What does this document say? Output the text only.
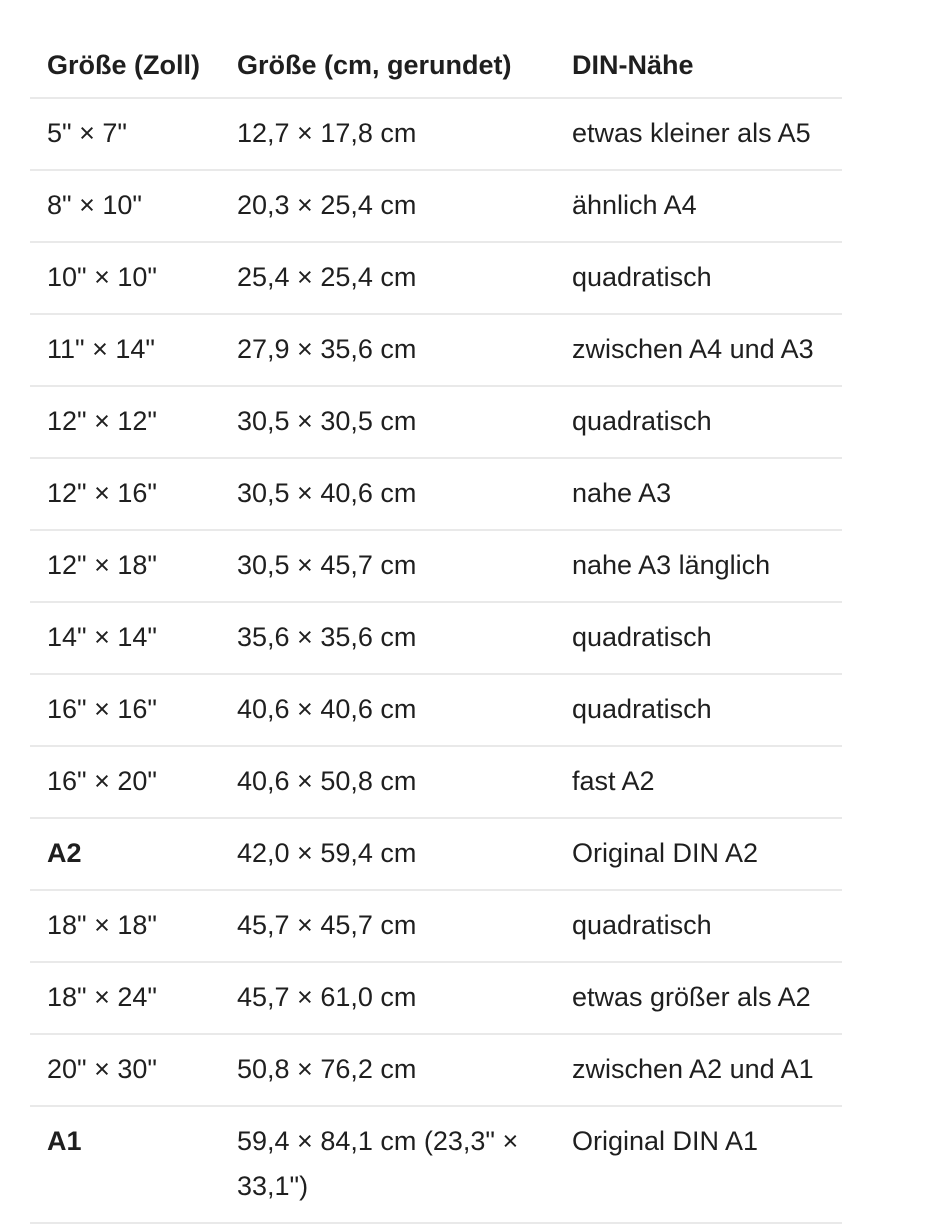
Größe (Zoll)	Größe (cm, gerundet)	DIN-Nähe
5" × 7"	12,7 × 17,8 cm	etwas kleiner als A5
8" × 10"	20,3 × 25,4 cm	ähnlich A4
10" × 10"	25,4 × 25,4 cm	quadratisch
11" × 14"	27,9 × 35,6 cm	zwischen A4 und A3
12" × 12"	30,5 × 30,5 cm	quadratisch
12" × 16"	30,5 × 40,6 cm	nahe A3
12" × 18"	30,5 × 45,7 cm	nahe A3 länglich
14" × 14"	35,6 × 35,6 cm	quadratisch
16" × 16"	40,6 × 40,6 cm	quadratisch
16" × 20"	40,6 × 50,8 cm	fast A2
A2	42,0 × 59,4 cm	Original DIN A2
18" × 18"	45,7 × 45,7 cm	quadratisch
18" × 24"	45,7 × 61,0 cm	etwas größer als A2
20" × 30"	50,8 × 76,2 cm	zwischen A2 und A1
A1	59,4 × 84,1 cm (23,3" × 33,1")	Original DIN A1
